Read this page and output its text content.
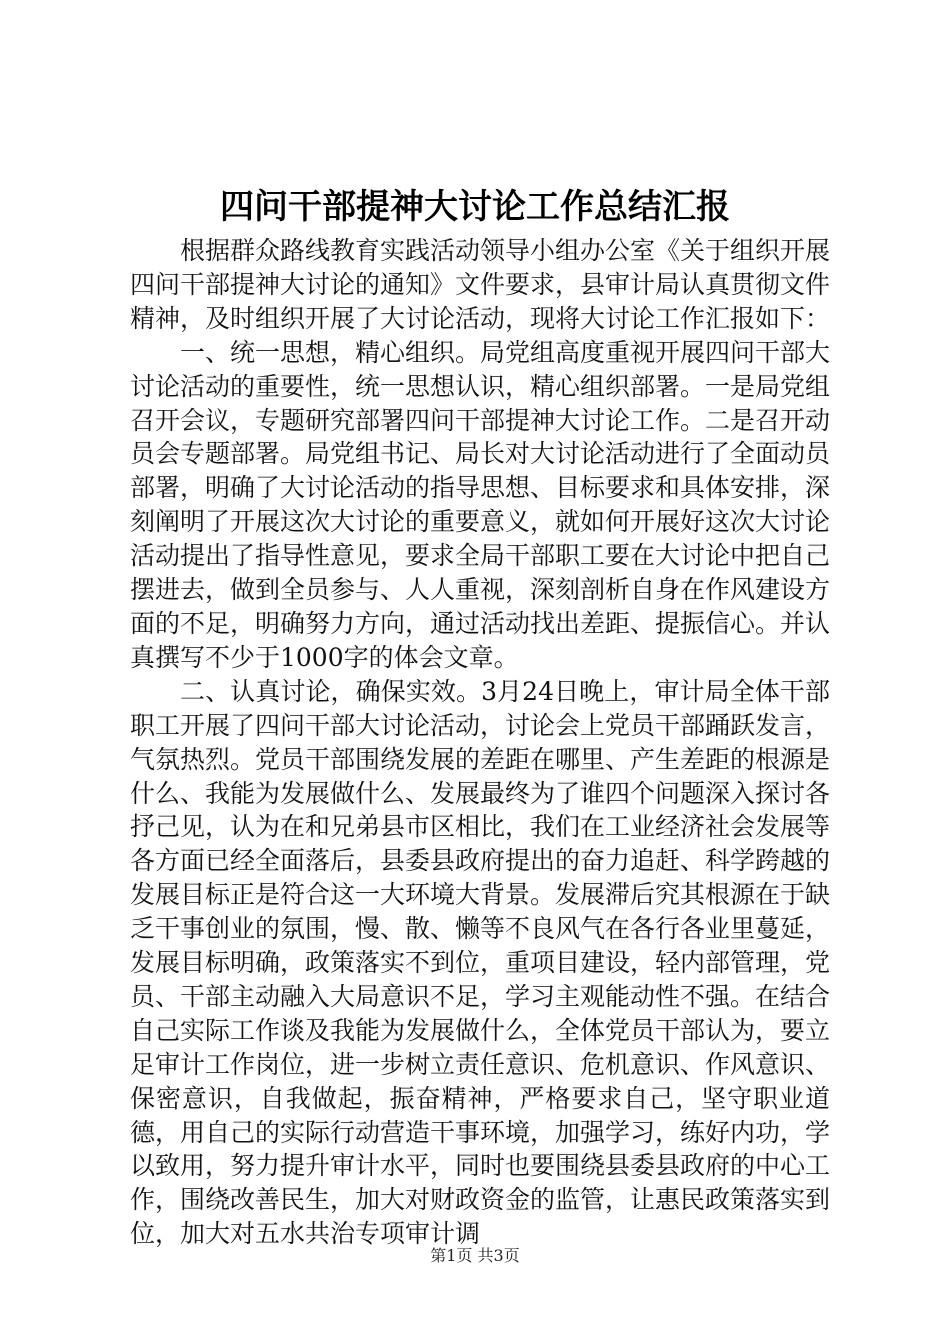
四问干部提神大讨论工作总结汇报

根据群众路线教育实践活动领导小组办公室《关于组织开展四问干部提神大讨论的通知》文件要求，县审计局认真贯彻文件精神，及时组织开展了大讨论活动，现将大讨论工作汇报如下：

一、统一思想，精心组织。局党组高度重视开展四问干部大讨论活动的重要性，统一思想认识，精心组织部署。一是局党组召开会议，专题研究部署四问干部提神大讨论工作。二是召开动员会专题部署。局党组书记、局长对大讨论活动进行了全面动员部署，明确了大讨论活动的指导思想、目标要求和具体安排，深刻阐明了开展这次大讨论的重要意义，就如何开展好这次大讨论活动提出了指导性意见，要求全局干部职工要在大讨论中把自己摆进去，做到全员参与、人人重视，深刻剖析自身在作风建设方面的不足，明确努力方向，通过活动找出差距、提振信心。并认真撰写不少于1000字的体会文章。

二、认真讨论，确保实效。3月24日晚上，审计局全体干部职工开展了四问干部大讨论活动，讨论会上党员干部踊跃发言，气氛热烈。党员干部围绕发展的差距在哪里、产生差距的根源是什么、我能为发展做什么、发展最终为了谁四个问题深入探讨各抒己见，认为在和兄弟县市区相比，我们在工业经济社会发展等各方面已经全面落后，县委县政府提出的奋力追赶、科学跨越的发展目标正是符合这一大环境大背景。发展滞后究其根源在于缺乏干事创业的氛围，慢、散、懒等不良风气在各行各业里蔓延，发展目标明确，政策落实不到位，重项目建设，轻内部管理，党员、干部主动融入大局意识不足，学习主观能动性不强。在结合自己实际工作谈及我能为发展做什么，全体党员干部认为，要立足审计工作岗位，进一步树立责任意识、危机意识、作风意识、保密意识，自我做起，振奋精神，严格要求自己，坚守职业道德，用自己的实际行动营造干事环境，加强学习，练好内功，学以致用，努力提升审计水平，同时也要围绕县委县政府的中心工作，围绕改善民生，加大对财政资金的监管，让惠民政策落实到位，加大对五水共治专项审计调

第1页 共3页
